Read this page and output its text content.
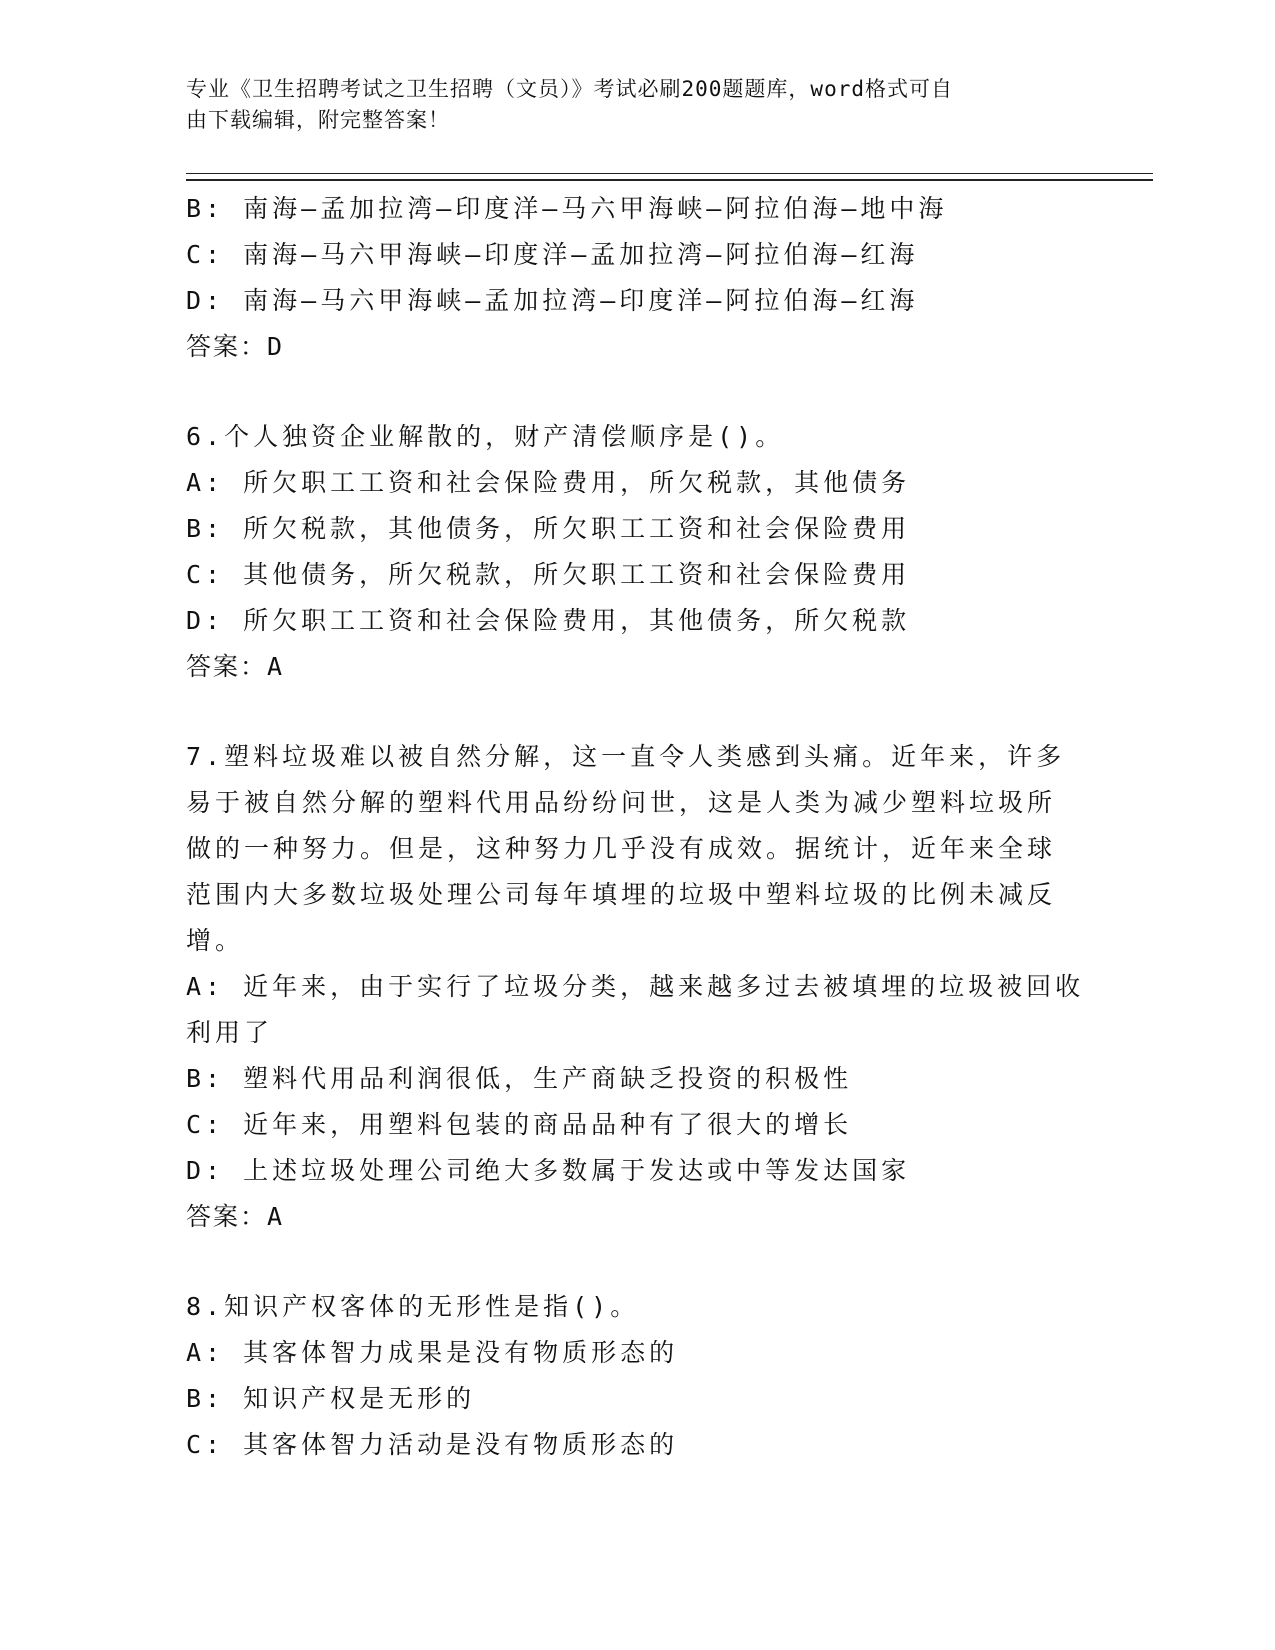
专业《卫生招聘考试之卫生招聘（文员）》考试必刷200题题库，word格式可自
由下载编辑，附完整答案！
B: 南海—孟加拉湾—印度洋—马六甲海峡—阿拉伯海—地中海
C: 南海—马六甲海峡—印度洋—孟加拉湾—阿拉伯海—红海
D: 南海—马六甲海峡—孟加拉湾—印度洋—阿拉伯海—红海
答案：D
6.个人独资企业解散的，财产清偿顺序是()。
A: 所欠职工工资和社会保险费用，所欠税款，其他债务
B: 所欠税款，其他债务，所欠职工工资和社会保险费用
C: 其他债务，所欠税款，所欠职工工资和社会保险费用
D: 所欠职工工资和社会保险费用，其他债务，所欠税款
答案：A
7.塑料垃圾难以被自然分解，这一直令人类感到头痛。近年来，许多
易于被自然分解的塑料代用品纷纷问世，这是人类为减少塑料垃圾所
做的一种努力。但是，这种努力几乎没有成效。据统计，近年来全球
范围内大多数垃圾处理公司每年填埋的垃圾中塑料垃圾的比例未减反
增。
A: 近年来，由于实行了垃圾分类，越来越多过去被填埋的垃圾被回收
利用了
B: 塑料代用品利润很低，生产商缺乏投资的积极性
C: 近年来，用塑料包装的商品品种有了很大的增长
D: 上述垃圾处理公司绝大多数属于发达或中等发达国家
答案：A
8.知识产权客体的无形性是指()。
A: 其客体智力成果是没有物质形态的
B: 知识产权是无形的
C: 其客体智力活动是没有物质形态的
